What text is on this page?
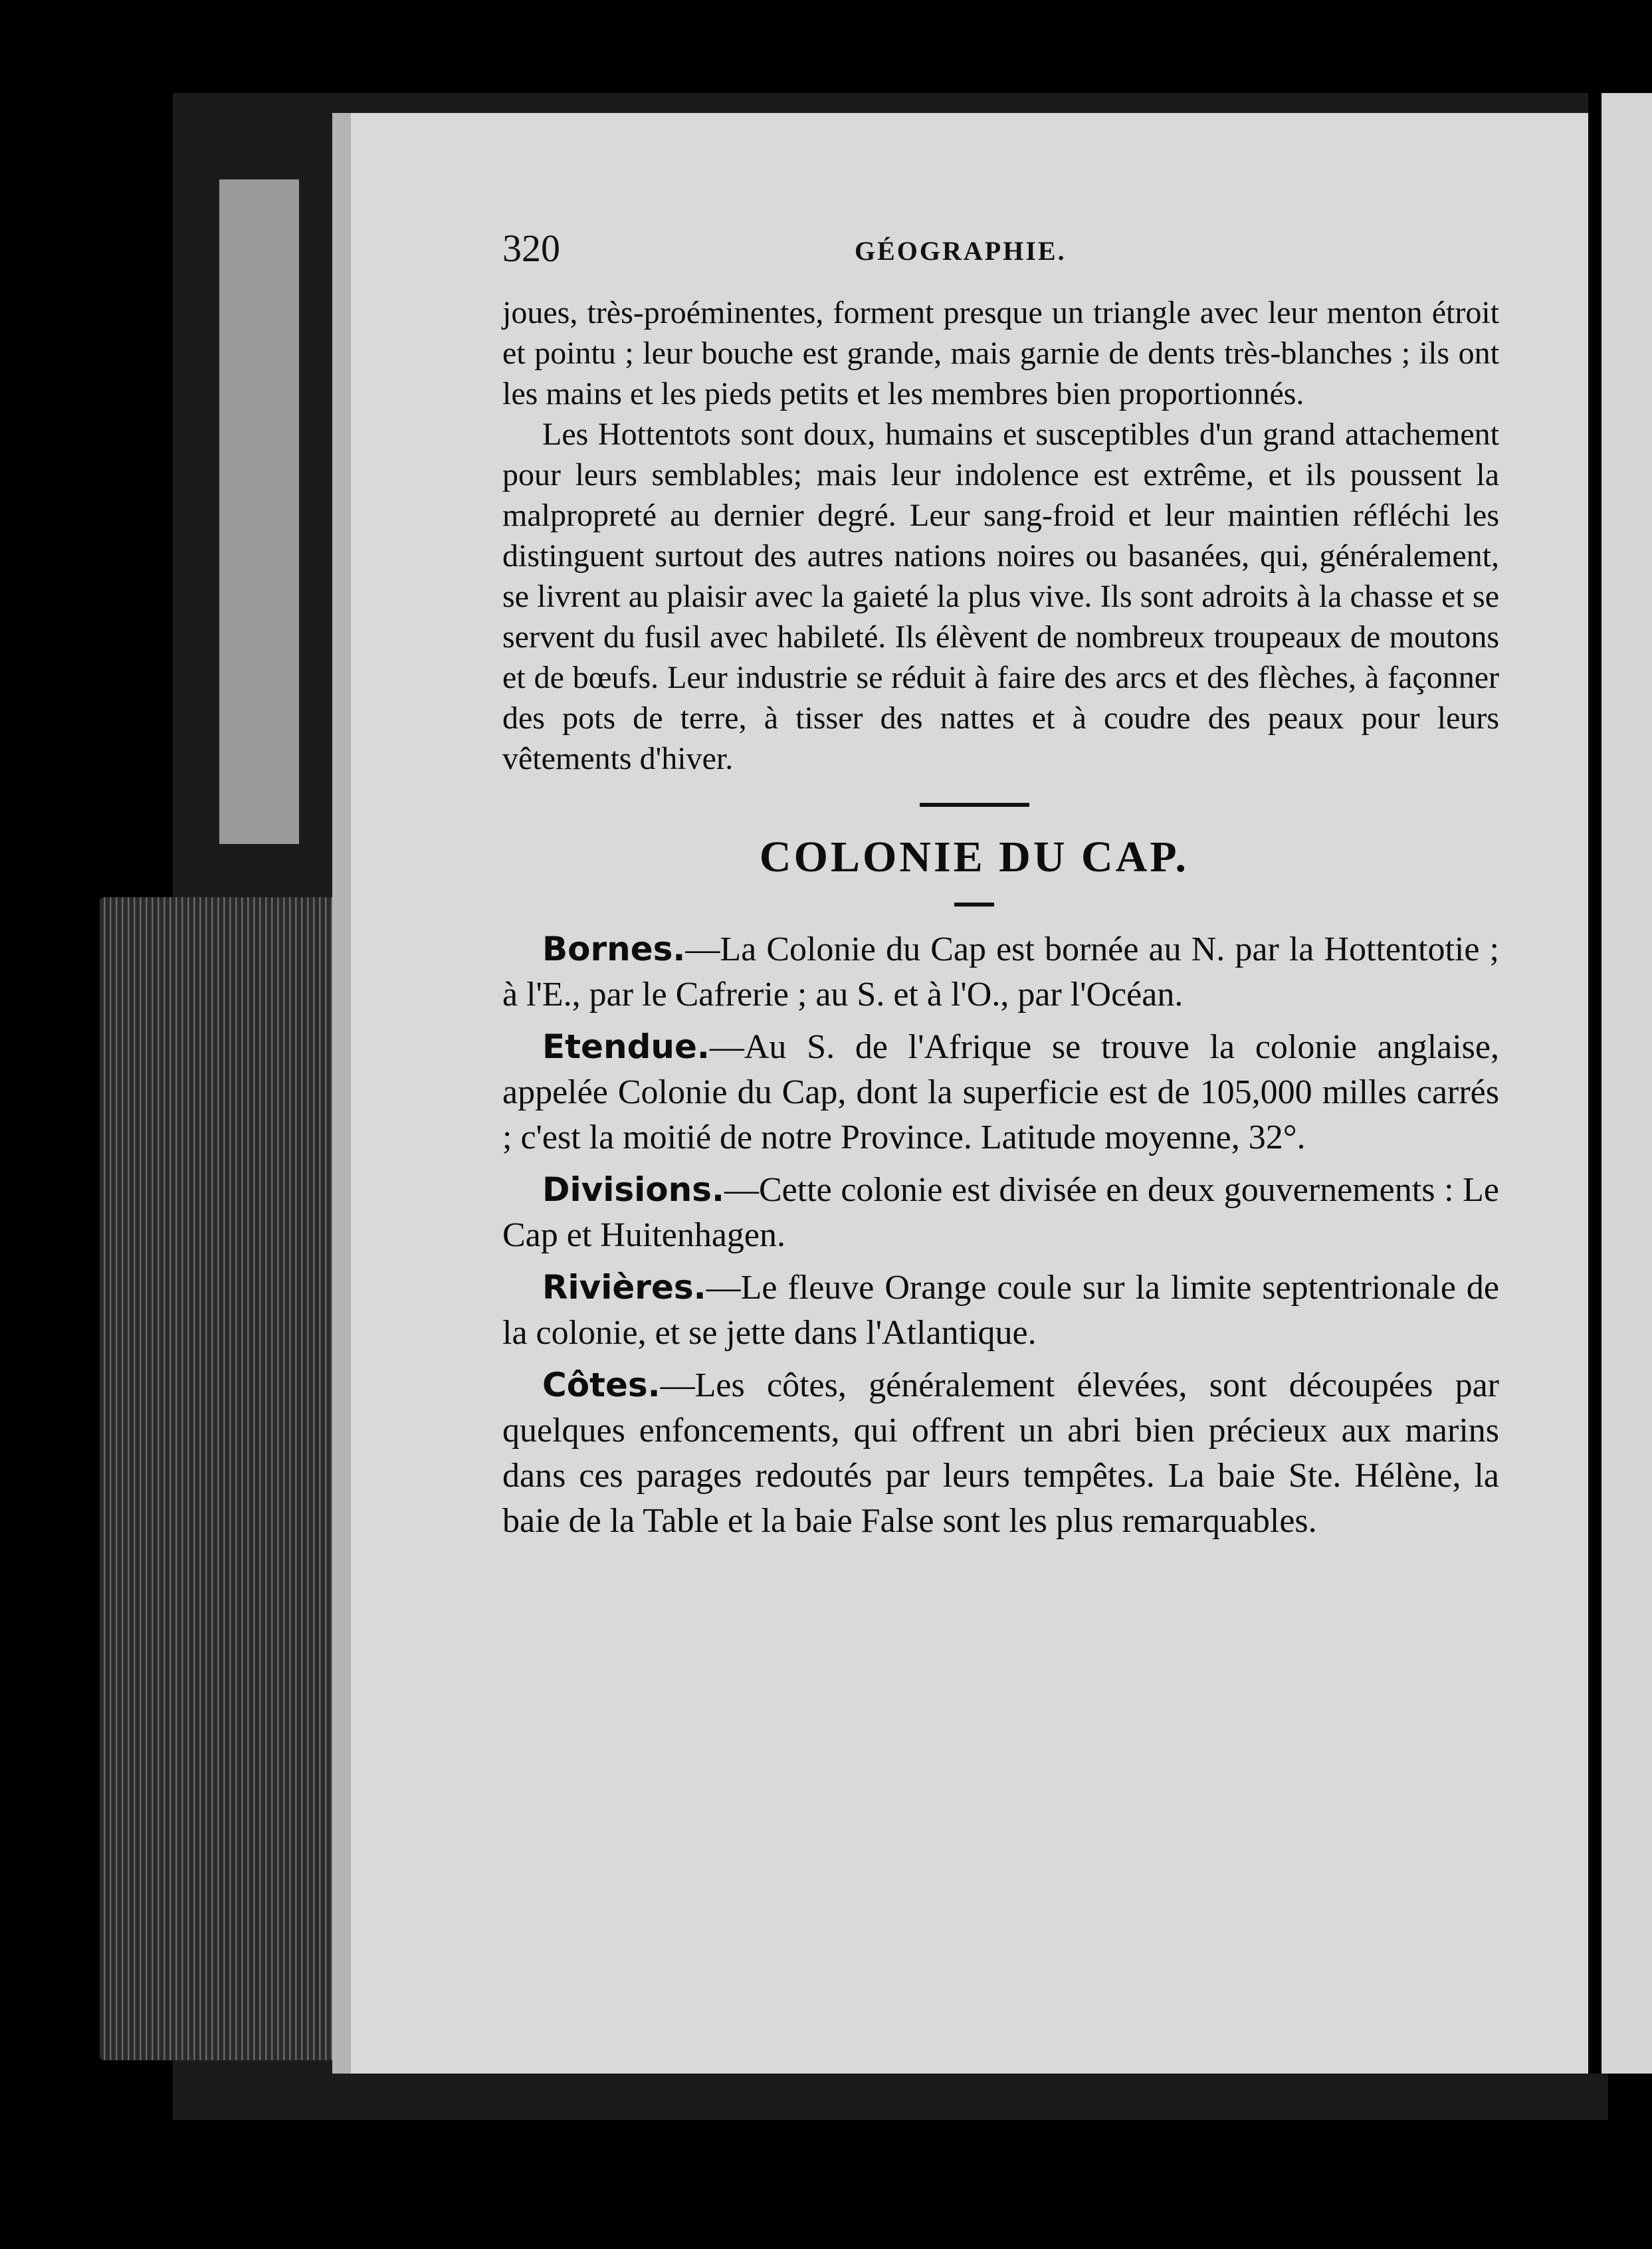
320	GÉOGRAPHIE.

joues, très-proéminentes, forment presque un triangle avec leur menton étroit et pointu ; leur bouche est grande, mais garnie de dents très-blanches ; ils ont les mains et les pieds petits et les membres bien proportionnés.

Les Hottentots sont doux, humains et susceptibles d'un grand attachement pour leurs semblables; mais leur indolence est extrême, et ils poussent la malpropreté au dernier degré. Leur sang-froid et leur maintien réfléchi les distinguent surtout des autres nations noires ou basanées, qui, généralement, se livrent au plaisir avec la gaieté la plus vive. Ils sont adroits à la chasse et se servent du fusil avec habileté. Ils élèvent de nombreux troupeaux de moutons et de bœufs. Leur industrie se réduit à faire des arcs et des flèches, à façonner des pots de terre, à tisser des nattes et à coudre des peaux pour leurs vêtements d'hiver.

COLONIE DU CAP.

Bornes.—La Colonie du Cap est bornée au N. par la Hottentotie ; à l'E., par le Cafrerie ; au S. et à l'O., par l'Océan.

Etendue.—Au S. de l'Afrique se trouve la colonie anglaise, appelée Colonie du Cap, dont la superficie est de 105,000 milles carrés ; c'est la moitié de notre Province. Latitude moyenne, 32°.

Divisions.—Cette colonie est divisée en deux gouvernements : Le Cap et Huitenhagen.

Rivières.—Le fleuve Orange coule sur la limite septentrionale de la colonie, et se jette dans l'Atlantique.

Côtes.—Les côtes, généralement élevées, sont découpées par quelques enfoncements, qui offrent un abri bien précieux aux marins dans ces parages redoutés par leurs tempêtes. La baie Ste. Hélène, la baie de la Table et la baie False sont les plus remarquables.
